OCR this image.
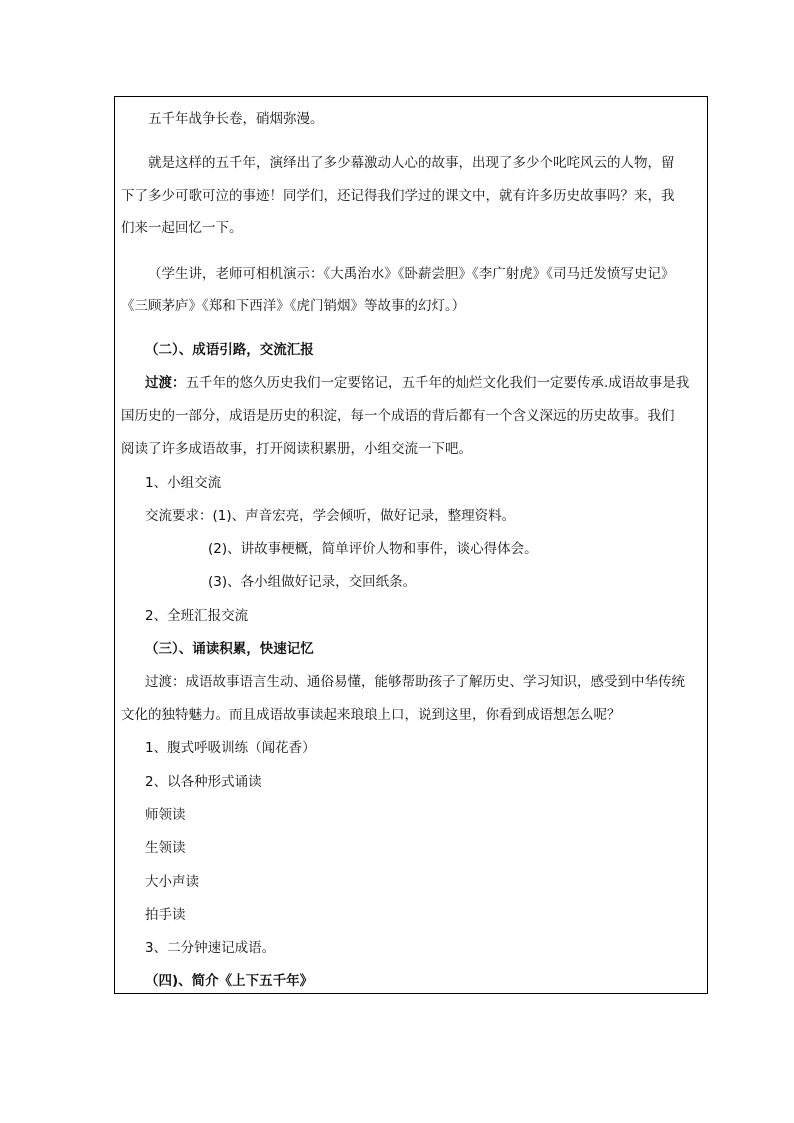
五千年战争长卷，硝烟弥漫。
就是这样的五千年，演绎出了多少幕激动人心的故事，出现了多少个叱咤风云的人物，留
下了多少可歌可泣的事迹！同学们，还记得我们学过的课文中，就有许多历史故事吗？来，我
们来一起回忆一下。
（学生讲，老师可相机演示：《大禹治水》《卧薪尝胆》《李广射虎》《司马迁发愤写史记》
《三顾茅庐》《郑和下西洋》《虎门销烟》等故事的幻灯。）
（二）、成语引路，交流汇报
过渡：五千年的悠久历史我们一定要铭记，五千年的灿烂文化我们一定要传承.成语故事是我
国历史的一部分，成语是历史的积淀，每一个成语的背后都有一个含义深远的历史故事。我们
阅读了许多成语故事，打开阅读积累册，小组交流一下吧。
1、小组交流
交流要求：(1)、声音宏亮，学会倾听，做好记录，整理资料。
(2)、讲故事梗概，简单评价人物和事件，谈心得体会。
(3)、各小组做好记录，交回纸条。
2、全班汇报交流
（三）、诵读积累，快速记忆
过渡：成语故事语言生动、通俗易懂，能够帮助孩子了解历史、学习知识，感受到中华传统
文化的独特魅力。而且成语故事读起来琅琅上口，说到这里，你看到成语想怎么呢？
1、腹式呼吸训练（闻花香）
2、以各种形式诵读
师领读
生领读
大小声读
拍手读
3、二分钟速记成语。
（四)、简介《上下五千年》
